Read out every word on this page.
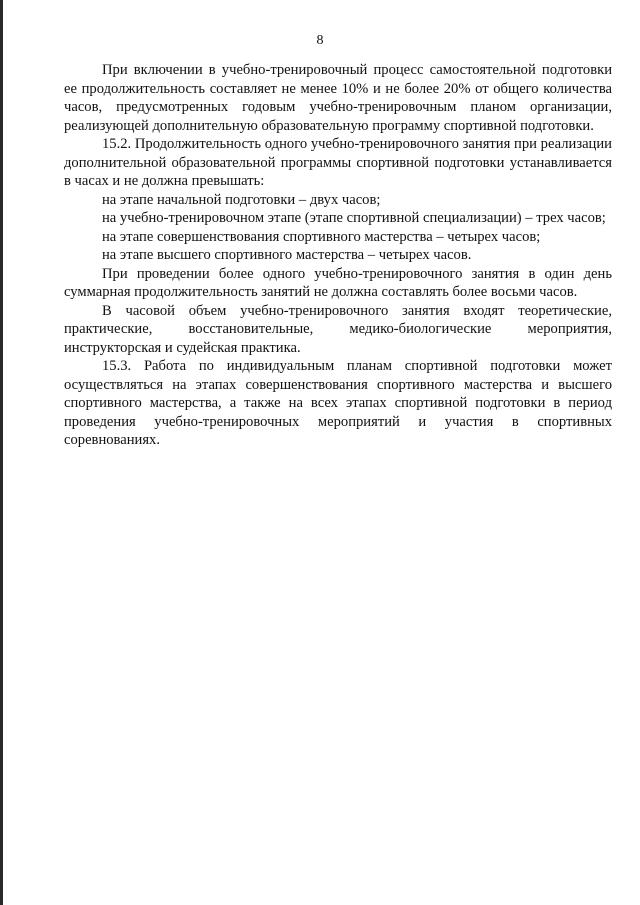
8

При включении в учебно-тренировочный процесс самостоятельной подготовки ее продолжительность составляет не менее 10% и не более 20% от общего количества часов, предусмотренных годовым учебно-тренировочным планом организации, реализующей дополнительную образовательную программу спортивной подготовки.

15.2. Продолжительность одного учебно-тренировочного занятия при реализации дополнительной образовательной программы спортивной подготовки устанавливается в часах и не должна превышать:

на этапе начальной подготовки – двух часов;

на учебно-тренировочном этапе (этапе спортивной специализации) – трех часов;

на этапе совершенствования спортивного мастерства – четырех часов;

на этапе высшего спортивного мастерства – четырех часов.

При проведении более одного учебно-тренировочного занятия в один день суммарная продолжительность занятий не должна составлять более восьми часов.

В часовой объем учебно-тренировочного занятия входят теоретические, практические, восстановительные, медико-биологические мероприятия, инструкторская и судейская практика.

15.3. Работа по индивидуальным планам спортивной подготовки может осуществляться на этапах совершенствования спортивного мастерства и высшего спортивного мастерства, а также на всех этапах спортивной подготовки в период проведения учебно-тренировочных мероприятий и участия в спортивных соревнованиях.
